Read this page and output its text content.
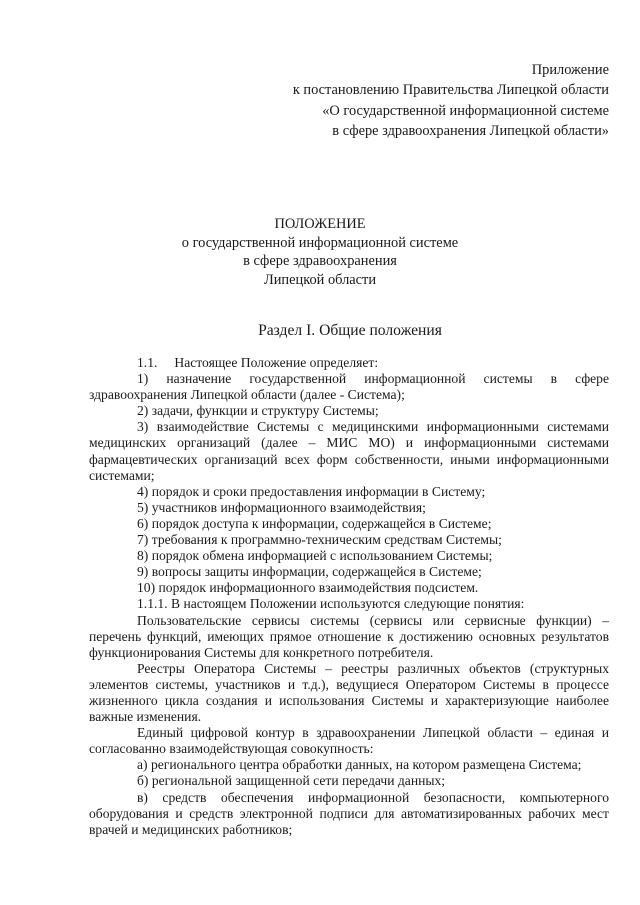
Приложение
к постановлению Правительства Липецкой области
«О государственной информационной системе
в сфере здравоохранения Липецкой области»
ПОЛОЖЕНИЕ
о государственной информационной системе
в сфере здравоохранения
Липецкой области
Раздел I. Общие положения

1.1.     Настоящее Положение определяет:

1) назначение государственной информационной системы в сфере здравоохранения Липецкой области (далее - Система);

2) задачи, функции и структуру Системы;

3) взаимодействие Системы с медицинскими информационными системами медицинских организаций (далее – МИС МО) и информационными системами фармацевтических организаций всех форм собственности, иными информационными системами;

4) порядок и сроки предоставления информации в Систему;

5) участников информационного взаимодействия;

6) порядок доступа к информации, содержащейся в Системе;

7) требования к программно-техническим средствам Системы;

8) порядок обмена информацией с использованием Системы;

9) вопросы защиты информации, содержащейся в Системе;

10) порядок информационного взаимодействия подсистем.

1.1.1. В настоящем Положении используются следующие понятия:

Пользовательские сервисы системы (сервисы или сервисные функции) – перечень функций, имеющих прямое отношение к достижению основных результатов функционирования Системы для конкретного потребителя.

Реестры Оператора Системы – реестры различных объектов (структурных элементов системы, участников и т.д.), ведущиеся Оператором Системы в процессе жизненного цикла создания и использования Системы и характеризующие наиболее важные изменения.

Единый цифровой контур в здравоохранении Липецкой области – единая и согласованно взаимодействующая совокупность:

а) регионального центра обработки данных, на котором размещена Система;

б) региональной защищенной сети передачи данных;

в) средств обеспечения информационной безопасности, компьютерного оборудования и средств электронной подписи для автоматизированных рабочих мест врачей и медицинских работников;
